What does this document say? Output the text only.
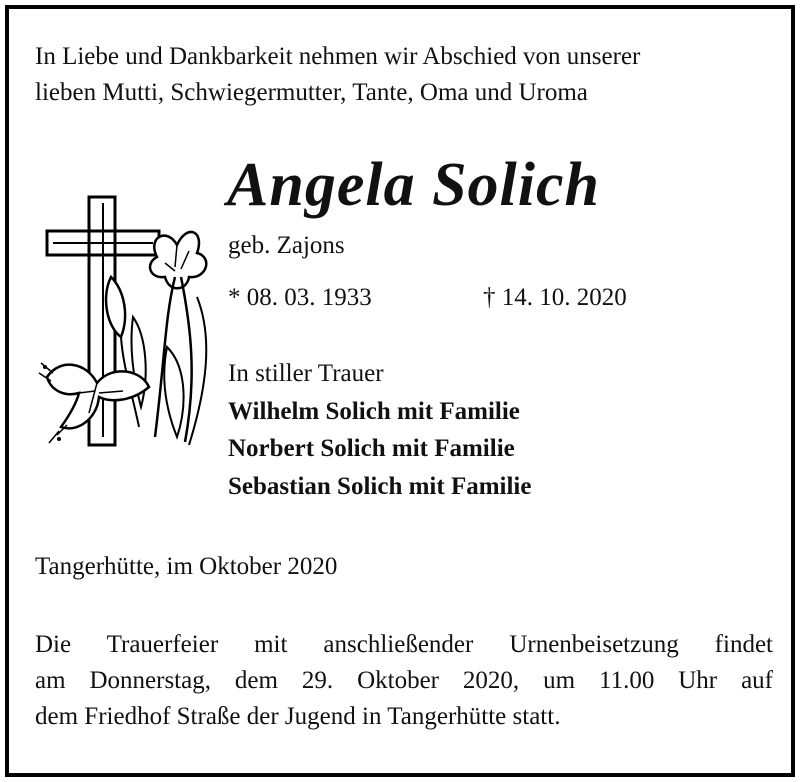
In Liebe und Dankbarkeit nehmen wir Abschied von unserer
lieben Mutti, Schwiegermutter, Tante, Oma und Uroma
Angela Solich
geb. Zajons
* 08. 03. 1933	† 14. 10. 2020
In stiller Trauer
Wilhelm Solich mit Familie
Norbert Solich mit Familie
Sebastian Solich mit Familie
Tangerhütte, im Oktober 2020
Die Trauerfeier mit anschließender Urnenbeisetzung findet
am Donnerstag, dem 29. Oktober 2020, um 11.00 Uhr auf
dem Friedhof Straße der Jugend in Tangerhütte statt.
